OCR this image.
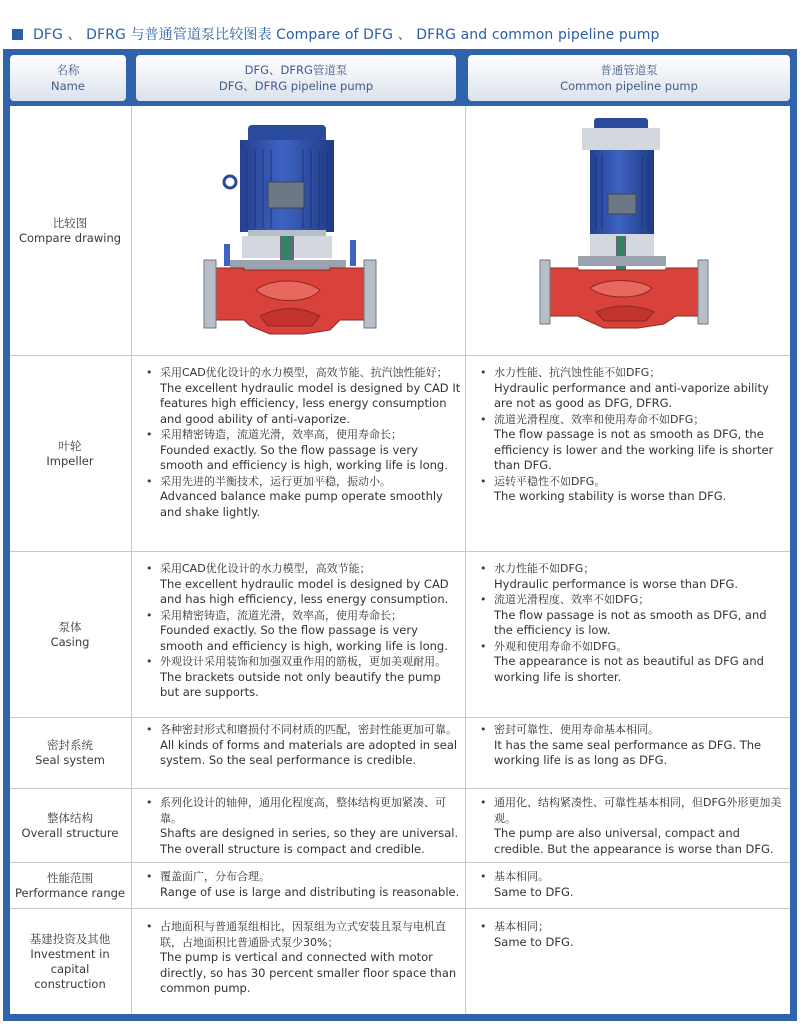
DFG 、 DFRG 与普通管道泵比较图表 Compare of DFG 、 DFRG and common pipeline pump
名称
Name
DFG、DFRG管道泵
DFG、DFRG pipeline pump
普通管道泵
Common pipeline pump
比较图
Compare drawing
叶轮
Impeller
• 采用CAD优化设计的水力模型，高效节能、抗汽蚀性能好；
The excellent hydraulic model is designed by CAD It features high efficiency, less energy consumption and good ability of anti-vaporize.
• 采用精密铸造，流道光滑，效率高，使用寿命长；
Founded exactly. So the flow passage is very smooth and efficiency is high, working life is long.
• 采用先进的半衡技术，运行更加平稳，振动小。
Advanced balance make pump operate smoothly and shake lightly.
• 水力性能、抗汽蚀性能不如DFG；
Hydraulic performance and anti-vaporize ability are not as good as DFG, DFRG.
• 流道光滑程度、效率和使用寿命不如DFG；
The flow passage is not as smooth as DFG, the efficiency is lower and the working life is shorter than DFG.
• 运转平稳性不如DFG。
The working stability is worse than DFG.
泵体
Casing
• 采用CAD优化设计的水力模型，高效节能；
The excellent hydraulic model is designed by CAD and has high efficiency, less energy consumption.
• 采用精密铸造，流道光滑，效率高，使用寿命长；
Founded exactly. So the flow passage is very smooth and efficiency is high, working life is long.
• 外观设计采用装饰和加强双重作用的筋板，更加美观耐用。
The brackets outside not only beautify the pump but are supports.
• 水力性能不如DFG；
Hydraulic performance is worse than DFG.
• 流道光滑程度、效率不如DFG；
The flow passage is not as smooth as DFG, and the efficiency is low.
• 外观和使用寿命不如DFG。
The appearance is not as beautiful as DFG and working life is shorter.
密封系统
Seal system
• 各种密封形式和磨损付不同材质的匹配，密封性能更加可靠。
All kinds of forms and materials are adopted in seal system. So the seal performance is credible.
• 密封可靠性、使用寿命基本相同。
It has the same seal performance as DFG. The working life is as long as DFG.
整体结构
Overall structure
• 系列化设计的轴伸，通用化程度高，整体结构更加紧凑、可靠。
Shafts are designed in series, so they are universal. The overall structure is compact and credible.
• 通用化、结构紧凑性、可靠性基本相同，但DFG外形更加美观。
The pump are also universal, compact and credible. But the appearance is worse than DFG.
性能范围
Performance range
• 覆盖面广，分布合理。
Range of use is large and distributing is reasonable.
• 基本相同。
Same to DFG.
基建投资及其他
Investment in capital construction
• 占地面积与普通泵组相比，因泵组为立式安装且泵与电机直联，占地面积比普通卧式泵少30%；
The pump is vertical and connected with motor directly, so has 30 percent smaller floor space than common pump.
• 基本相同；
Same to DFG.
